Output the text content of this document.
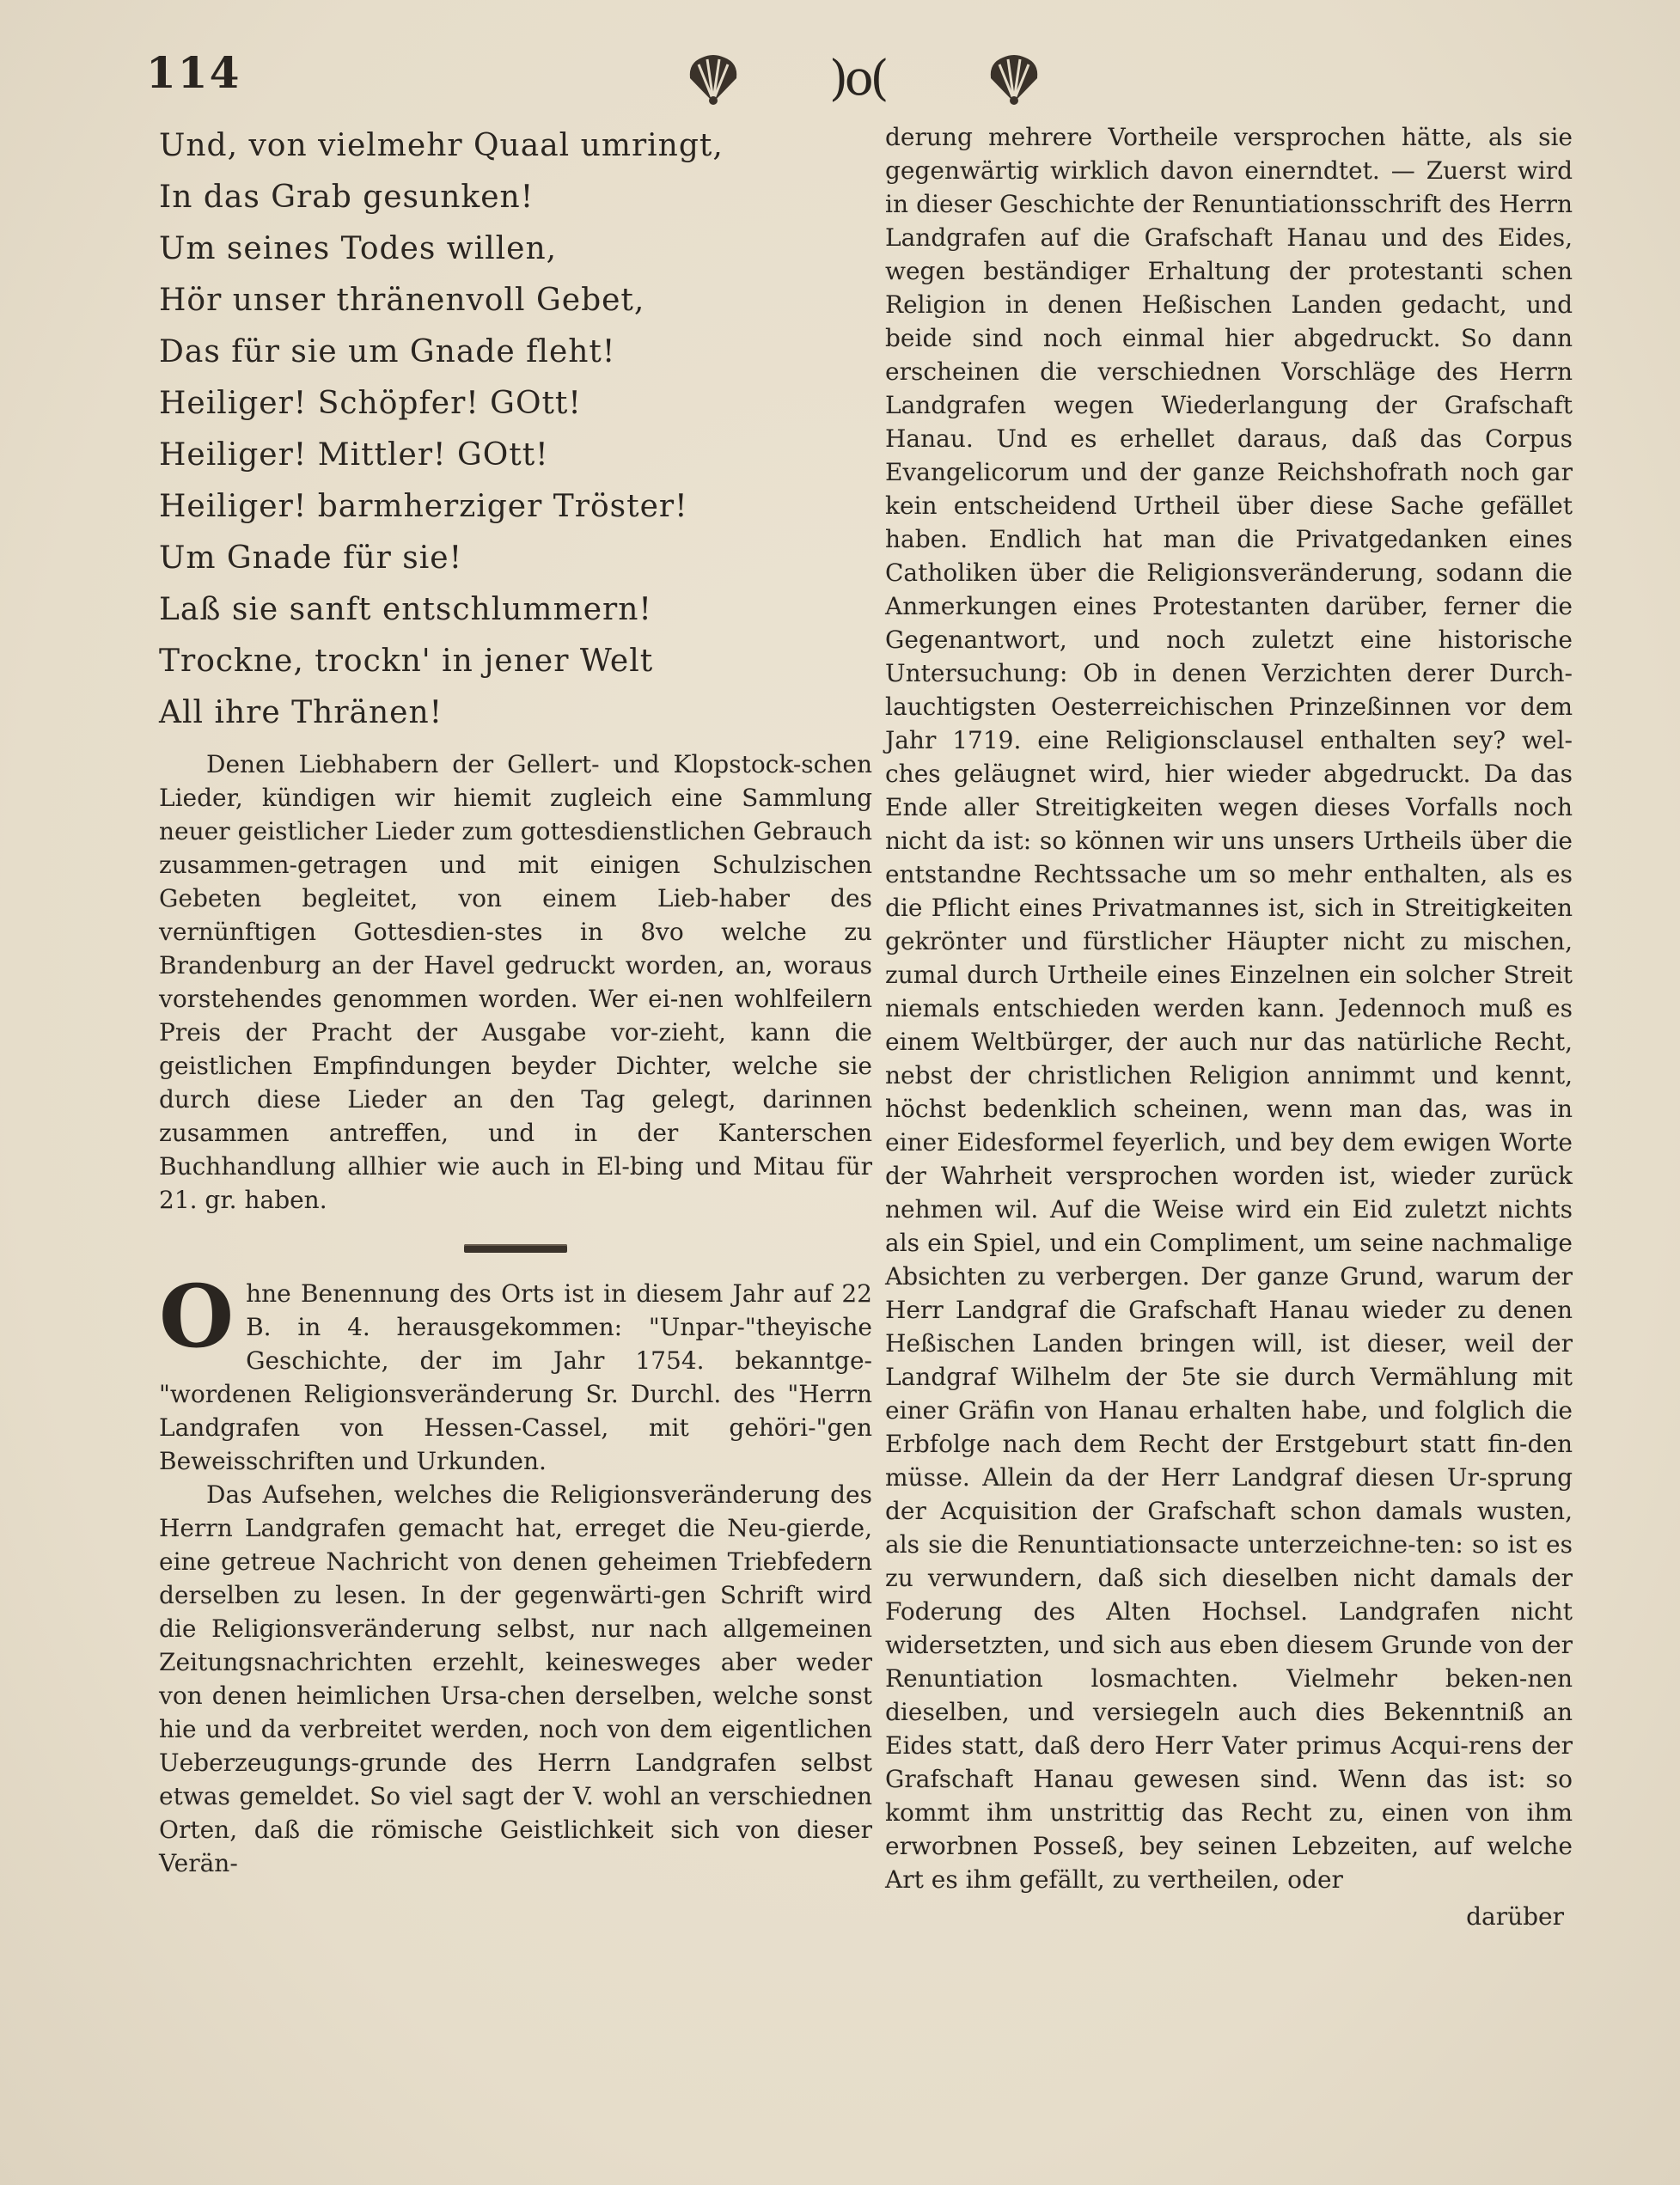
114	)o(
Und, von vielmehr Quaal umringt,
In das Grab gesunken!
Um seines Todes willen,
Hör unser thränenvoll Gebet,
Das für sie um Gnade fleht!
Heiliger! Schöpfer! GOtt!
Heiliger! Mittler! GOtt!
Heiliger! barmherziger Tröster!
Um Gnade für sie!
Laß sie sanft entschlummern!
Trockne, trockn' in jener Welt
All ihre Thränen!

Denen Liebhabern der Gellert- und Klopstock-schen Lieder, kündigen wir hiemit zugleich eine Sammlung neuer geistlicher Lieder zum gottesdienstlichen Gebrauch zusammen-getragen und mit einigen Schulzischen Gebeten begleitet, von einem Lieb-haber des vernünftigen Gottesdien-stes in 8vo welche zu Brandenburg an der Havel gedruckt worden, an, woraus vorstehendes genommen worden. Wer ei-nen wohlfeilern Preis der Pracht der Ausgabe vor-zieht, kann die geistlichen Empfindungen beyder Dichter, welche sie durch diese Lieder an den Tag gelegt, darinnen zusammen antreffen, und in der Kanterschen Buchhandlung allhier wie auch in El-bing und Mitau für 21. gr. haben.

Ohne Benennung des Orts ist in diesem Jahr auf 22 B. in 4. herausgekommen: "Unpar-"theyische Geschichte, der im Jahr 1754. bekanntge-"wordenen Religionsveränderung Sr. Durchl. des "Herrn Landgrafen von Hessen-Cassel, mit gehöri-"gen Beweisschriften und Urkunden.

Das Aufsehen, welches die Religionsveränderung des Herrn Landgrafen gemacht hat, erreget die Neu-gierde, eine getreue Nachricht von denen geheimen Triebfedern derselben zu lesen. In der gegenwärti-gen Schrift wird die Religionsveränderung selbst, nur nach allgemeinen Zeitungsnachrichten erzehlt, keinesweges aber weder von denen heimlichen Ursa-chen derselben, welche sonst hie und da verbreitet werden, noch von dem eigentlichen Ueberzeugungs-grunde des Herrn Landgrafen selbst etwas gemeldet. So viel sagt der V. wohl an verschiednen Orten, daß die römische Geistlichkeit sich von dieser Verän-

derung mehrere Vortheile versprochen hätte, als sie gegenwärtig wirklich davon einerndtet. — Zuerst wird in dieser Geschichte der Renuntiationsschrift des Herrn Landgrafen auf die Grafschaft Hanau und des Eides, wegen beständiger Erhaltung der protestanti schen Religion in denen Heßischen Landen gedacht, und beide sind noch einmal hier abgedruckt. So dann erscheinen die verschiednen Vorschläge des Herrn Landgrafen wegen Wiederlangung der Grafschaft Hanau. Und es erhellet daraus, daß das Corpus Evangelicorum und der ganze Reichshofrath noch gar kein entscheidend Urtheil über diese Sache gefället haben. Endlich hat man die Privatgedanken eines Catholiken über die Religionsveränderung, sodann die Anmerkungen eines Protestanten darüber, ferner die Gegenantwort, und noch zuletzt eine historische Untersuchung: Ob in denen Verzichten derer Durch-lauchtigsten Oesterreichischen Prinzeßinnen vor dem Jahr 1719. eine Religionsclausel enthalten sey? wel-ches geläugnet wird, hier wieder abgedruckt. Da das Ende aller Streitigkeiten wegen dieses Vorfalls noch nicht da ist: so können wir uns unsers Urtheils über die entstandne Rechtssache um so mehr enthalten, als es die Pflicht eines Privatmannes ist, sich in Streitigkeiten gekrönter und fürstlicher Häupter nicht zu mischen, zumal durch Urtheile eines Einzelnen ein solcher Streit niemals entschieden werden kann. Jedennoch muß es einem Weltbürger, der auch nur das natürliche Recht, nebst der christlichen Religion annimmt und kennt, höchst bedenklich scheinen, wenn man das, was in einer Eidesformel feyerlich, und bey dem ewigen Worte der Wahrheit versprochen worden ist, wieder zurück nehmen wil. Auf die Weise wird ein Eid zuletzt nichts als ein Spiel, und ein Compliment, um seine nachmalige Absichten zu verbergen. Der ganze Grund, warum der Herr Landgraf die Grafschaft Hanau wieder zu denen Heßischen Landen bringen will, ist dieser, weil der Landgraf Wilhelm der 5te sie durch Vermählung mit einer Gräfin von Hanau erhalten habe, und folglich die Erbfolge nach dem Recht der Erstgeburt statt fin-den müsse. Allein da der Herr Landgraf diesen Ur-sprung der Acquisition der Grafschaft schon damals wusten, als sie die Renuntiationsacte unterzeichne-ten: so ist es zu verwundern, daß sich dieselben nicht damals der Foderung des Alten Hochsel. Landgrafen nicht widersetzten, und sich aus eben diesem Grunde von der Renuntiation losmachten. Vielmehr beken-nen dieselben, und versiegeln auch dies Bekenntniß an Eides statt, daß dero Herr Vater primus Acqui-rens der Grafschaft Hanau gewesen sind. Wenn das ist: so kommt ihm unstrittig das Recht zu, einen von ihm erworbnen Posseß, bey seinen Lebzeiten, auf welche Art es ihm gefällt, zu vertheilen, oder

darüber
